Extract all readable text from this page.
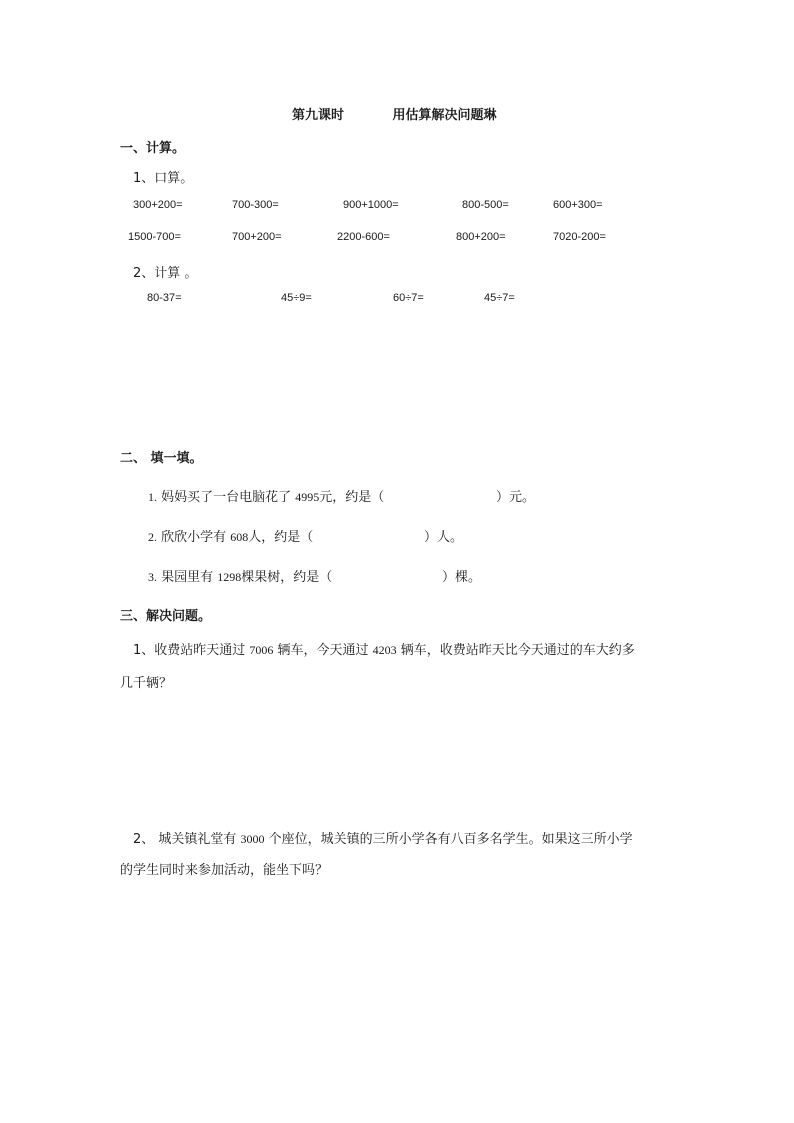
第九课时	用估算解决问题琳
一、计算。
1、口算。
300+200=	700-300=	900+1000=	800-500=	600+300=
1500-700=	700+200=	2200-600=	800+200=	7020-200=
2、计算 。
80-37=	45÷9=	60÷7=	45÷7=
二、 填一填。
1. 妈妈买了一台电脑花了 4995元，约是（	）元。
2. 欣欣小学有 608人，约是（	）人。
3. 果园里有 1298棵果树，约是（	）棵。
三、解决问题。
1、收费站昨天通过 7006 辆车，今天通过 4203 辆车，收费站昨天比今天通过的车大约多
几千辆？
2、 城关镇礼堂有 3000 个座位，城关镇的三所小学各有八百多名学生。如果这三所小学
的学生同时来参加活动，能坐下吗？
